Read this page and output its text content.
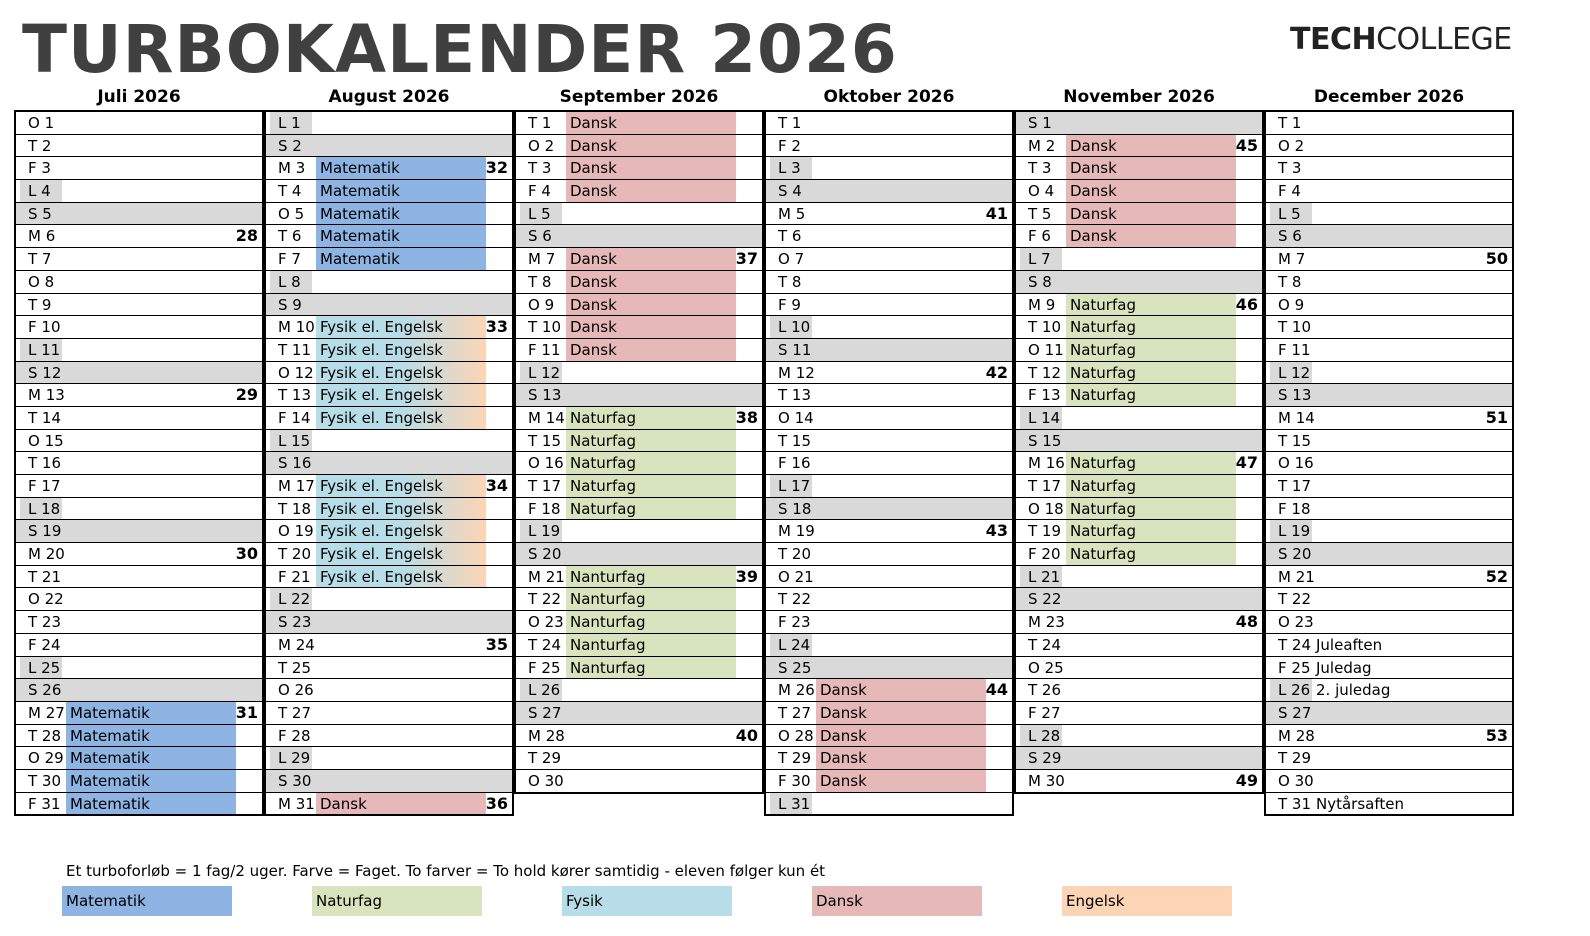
TURBOKALENDER 2026	TECHCOLLEGE
Juli 2026
O 1
T 2
F 3
L 4
S 5
M 6	28
T 7
O 8
T 9
F 10
L 11
S 12
M 13	29
T 14
O 15
T 16
F 17
L 18
S 19
M 20	30
T 21
O 22
T 23
F 24
L 25
S 26
M 27 Matematik	31
T 28 Matematik
O 29 Matematik
T 30 Matematik
F 31 Matematik
August 2026
L 1
S 2
M 3 Matematik	32
T 4	Matematik
O 5	Matematik
T 6	Matematik
F 7	Matematik
L 8
S 9
M 10 Fysik el. Engelsk	33
T 11 Fysik el. Engelsk
O 12 Fysik el. Engelsk
T 13 Fysik el. Engelsk
F 14 Fysik el. Engelsk
L 15
S 16
M 17 Fysik el. Engelsk	34
T 18 Fysik el. Engelsk
O 19 Fysik el. Engelsk
T 20 Fysik el. Engelsk
F 21 Fysik el. Engelsk
L 22
S 23
M 24	35
T 25
O 26
T 27
F 28
L 29
S 30
M 31 Dansk	36
September 2026
T 1	Dansk
O 2	Dansk
T 3	Dansk
F 4	Dansk
L 5
S 6
M 7 Dansk	37
T 8	Dansk
O 9	Dansk
T 10 Dansk
F 11 Dansk
L 12
S 13
M 14 Naturfag	38
T 15 Naturfag
O 16 Naturfag
T 17 Naturfag
F 18 Naturfag
L 19
S 20
M 21 Nanturfag	39
T 22 Nanturfag
O 23 Nanturfag
T 24 Nanturfag
F 25 Nanturfag
L 26
S 27
M 28	40
T 29
O 30
Oktober 2026
T 1
F 2
L 3
S 4
M 5	41
T 6
O 7
T 8
F 9
L 10
S 11
M 12	42
T 13
O 14
T 15
F 16
L 17
S 18
M 19	43
T 20
O 21
T 22
F 23
L 24
S 25
M 26 Dansk	44
T 27 Dansk
O 28 Dansk
T 29 Dansk
F 30 Dansk
L 31
November 2026
S 1
M 2 Dansk	45
T 3	Dansk
O 4	Dansk
T 5	Dansk
F 6	Dansk
L 7
S 8
M 9 Naturfag	46
T 10 Naturfag
O 11 Naturfag
T 12 Naturfag
F 13 Naturfag
L 14
S 15
M 16 Naturfag	47
T 17 Naturfag
O 18 Naturfag
T 19 Naturfag
F 20 Naturfag
L 21
S 22
M 23	48
T 24
O 25
T 26
F 27
L 28
S 29
M 30	49
December 2026
T 1
O 2
T 3
F 4
L 5
S 6
M 7	50
T 8
O 9
T 10
F 11
L 12
S 13
M 14	51
T 15
O 16
T 17
F 18
L 19
S 20
M 21	52
T 22
O 23
T 24 Juleaften
F 25 Juledag
L 26 2. juledag
S 27
M 28	53
T 29
O 30
T 31 Nytårsaften
Et turboforløb = 1 fag/2 uger. Farve = Faget. To farver = To hold kører samtidig - eleven følger kun ét
Matematik	Naturfag	Fysik	Dansk	Engelsk
